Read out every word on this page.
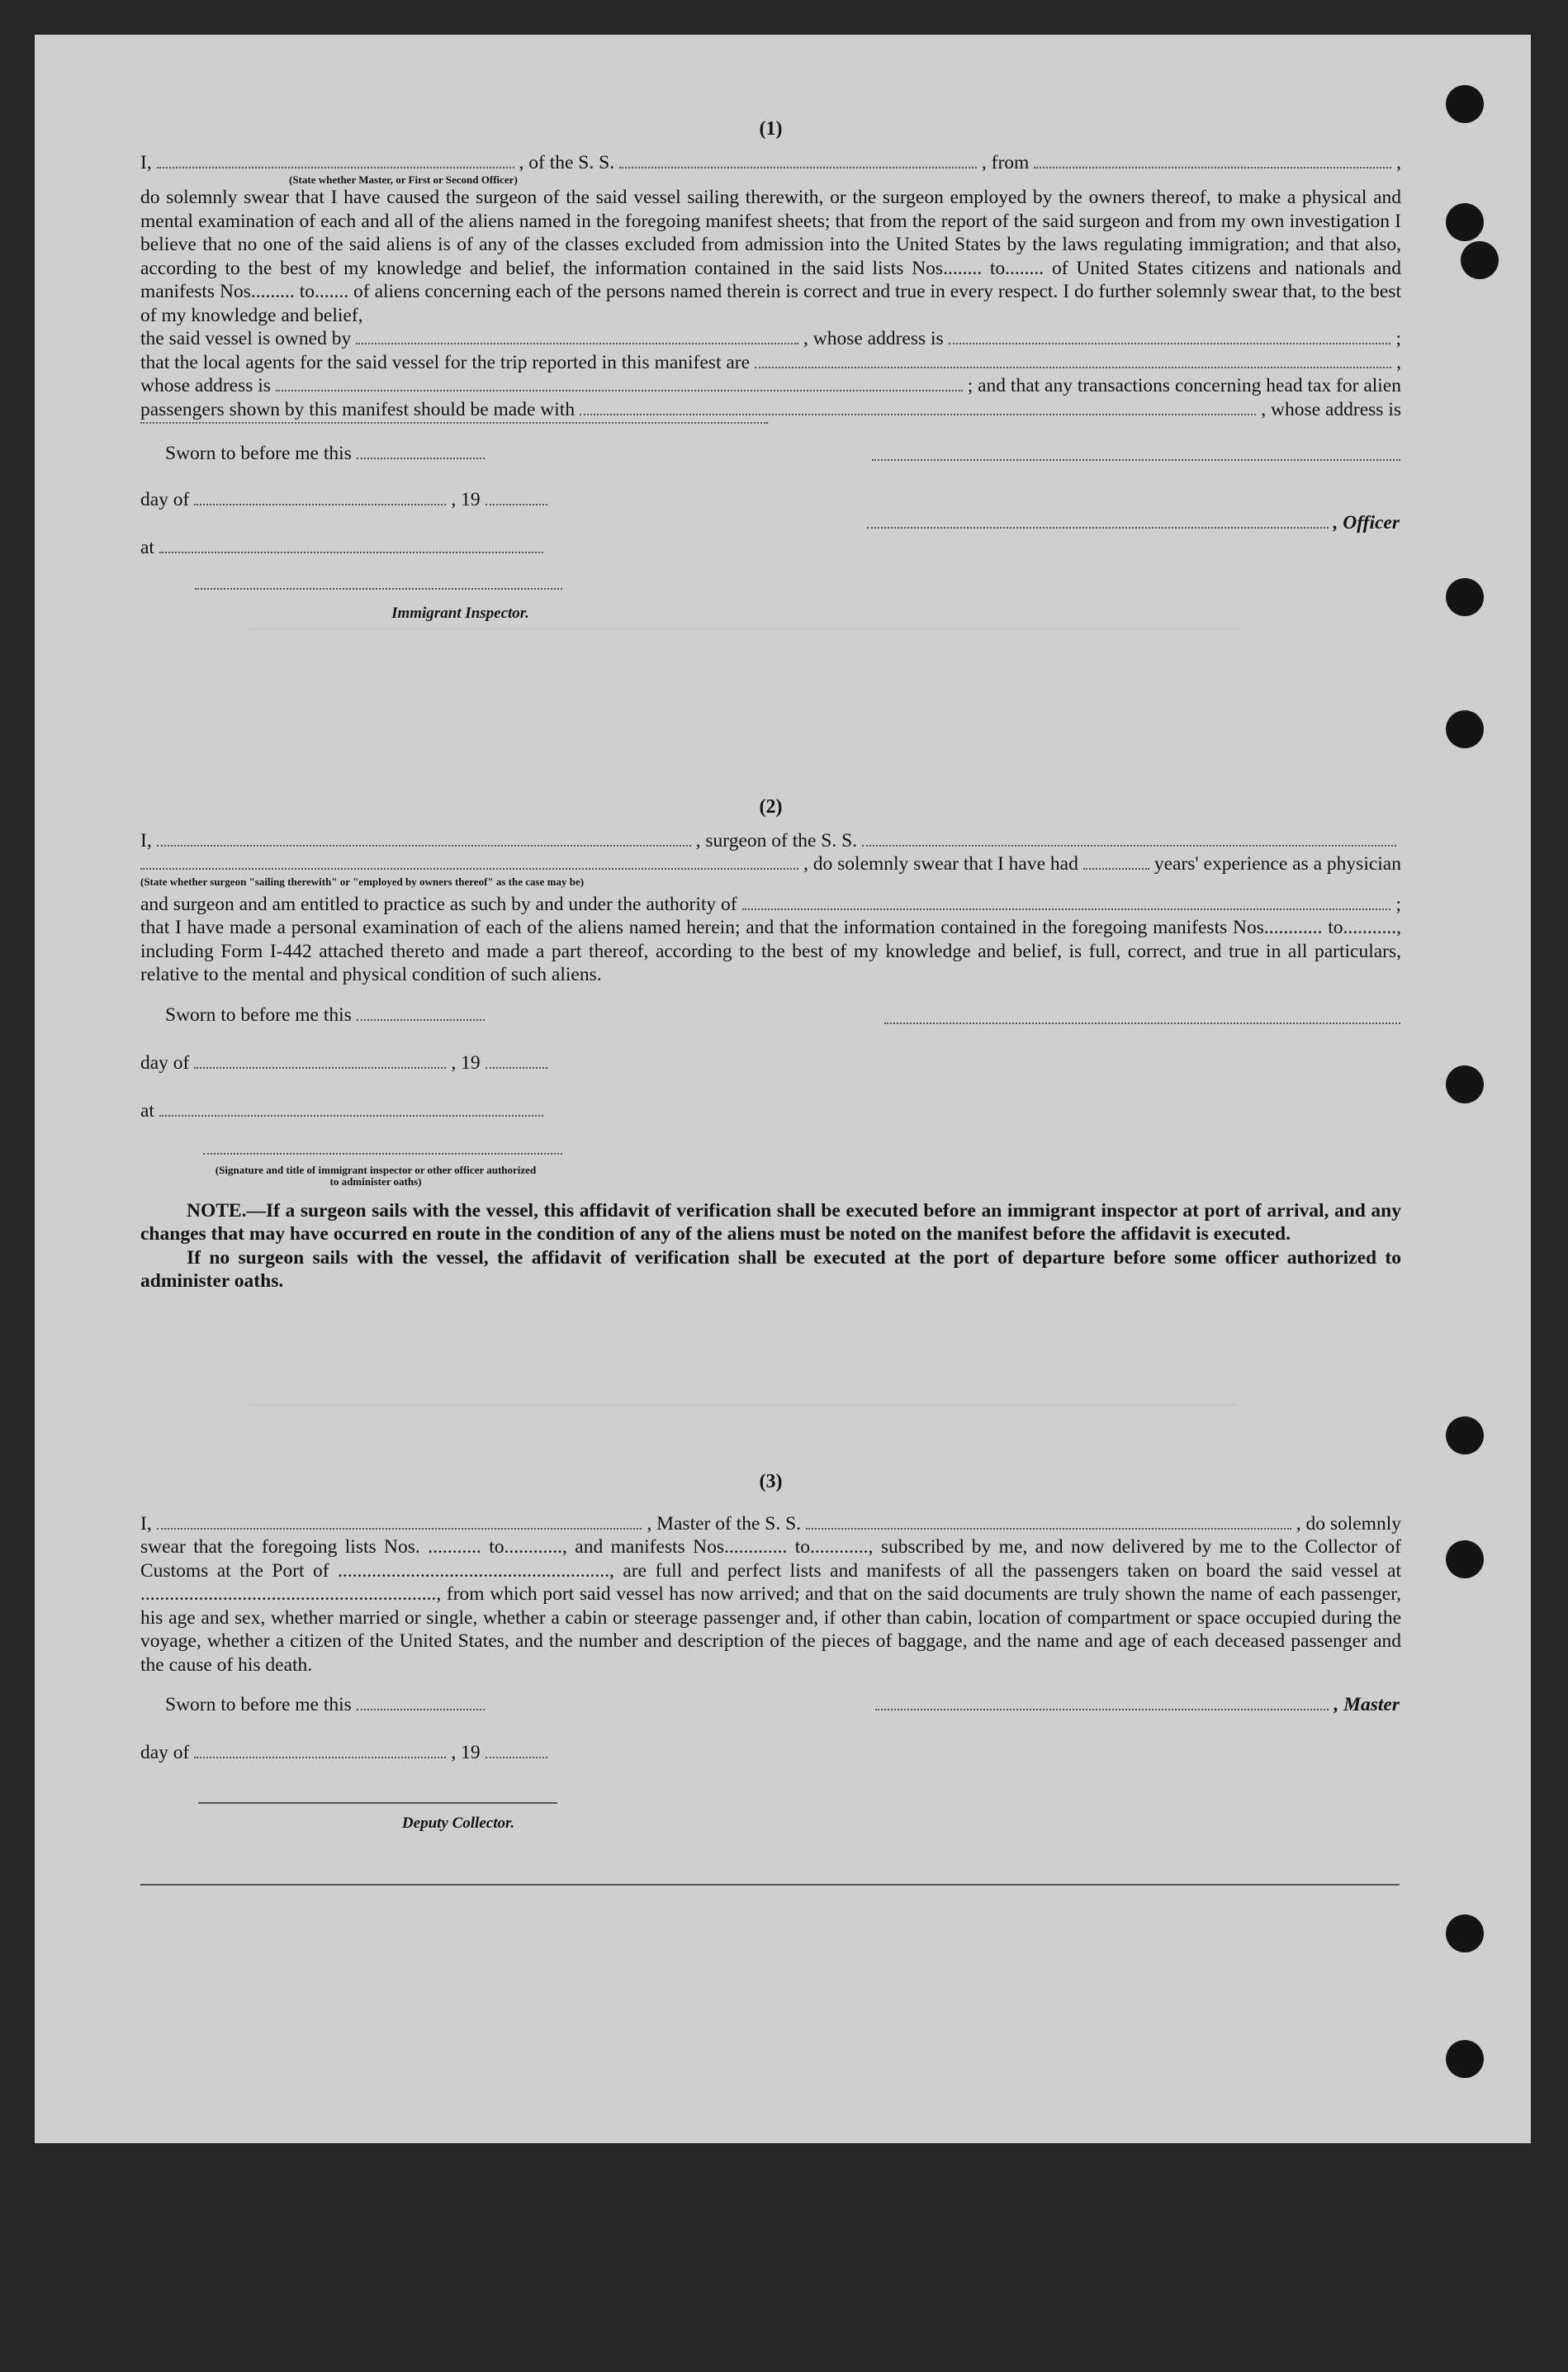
(1)
I,	, of the S. S.	, from	,
(State whether Master, or First or Second Officer)
do solemnly swear that I have caused the surgeon of the said vessel sailing therewith, or the surgeon employed by the owners thereof, to make a physical and mental examination of each and all of the aliens named in the foregoing manifest sheets; that from the report of the said surgeon and from my own investigation I believe that no one of the said aliens is of any of the classes excluded from admission into the United States by the laws regulating immigration; and that also, according to the best of my knowledge and belief, the information contained in the said lists Nos........ to........ of United States citizens and nationals and manifests Nos......... to....... of aliens concerning each of the persons named therein is correct and true in every respect. I do further solemnly swear that, to the best of my knowledge and belief,
the said vessel is owned by	, whose address is	;
that the local agents for the said vessel for the trip reported in this manifest are	,
whose address is	; and that any transactions concerning head tax for alien
passengers shown by this manifest should be made with	, whose address is
Sworn to before me this
day of	, 19
, Officer
at
Immigrant Inspector.
(2)
I,	, surgeon of the S. S.
, do solemnly swear that I have had	years' experience as a physician
(State whether surgeon "sailing therewith" or "employed by owners thereof" as the case may be)
and surgeon and am entitled to practice as such by and under the authority of	;
that I have made a personal examination of each of the aliens named herein; and that the information contained in the foregoing manifests Nos............ to..........., including Form I-442 attached thereto and made a part thereof, according to the best of my knowledge and belief, is full, correct, and true in all particulars, relative to the mental and physical condition of such aliens.
Sworn to before me this
day of	, 19
at
(Signature and title of immigrant inspector or other officer authorized to administer oaths)
NOTE.—If a surgeon sails with the vessel, this affidavit of verification shall be executed before an immigrant inspector at port of arrival, and any changes that may have occurred en route in the condition of any of the aliens must be noted on the manifest before the affidavit is executed.
If no surgeon sails with the vessel, the affidavit of verification shall be executed at the port of departure before some officer authorized to administer oaths.
(3)
I,	, Master of the S. S.	, do solemnly
swear that the foregoing lists Nos. ........... to............, and manifests Nos............. to............, subscribed by me, and now delivered by me to the Collector of Customs at the Port of ........................................................, are full and perfect lists and manifests of all the passengers taken on board the said vessel at ............................................................., from which port said vessel has now arrived; and that on the said documents are truly shown the name of each passenger, his age and sex, whether married or single, whether a cabin or steerage passenger and, if other than cabin, location of compartment or space occupied during the voyage, whether a citizen of the United States, and the number and description of the pieces of baggage, and the name and age of each deceased passenger and the cause of his death.
Sworn to before me this	, Master
day of	, 19
Deputy Collector.
